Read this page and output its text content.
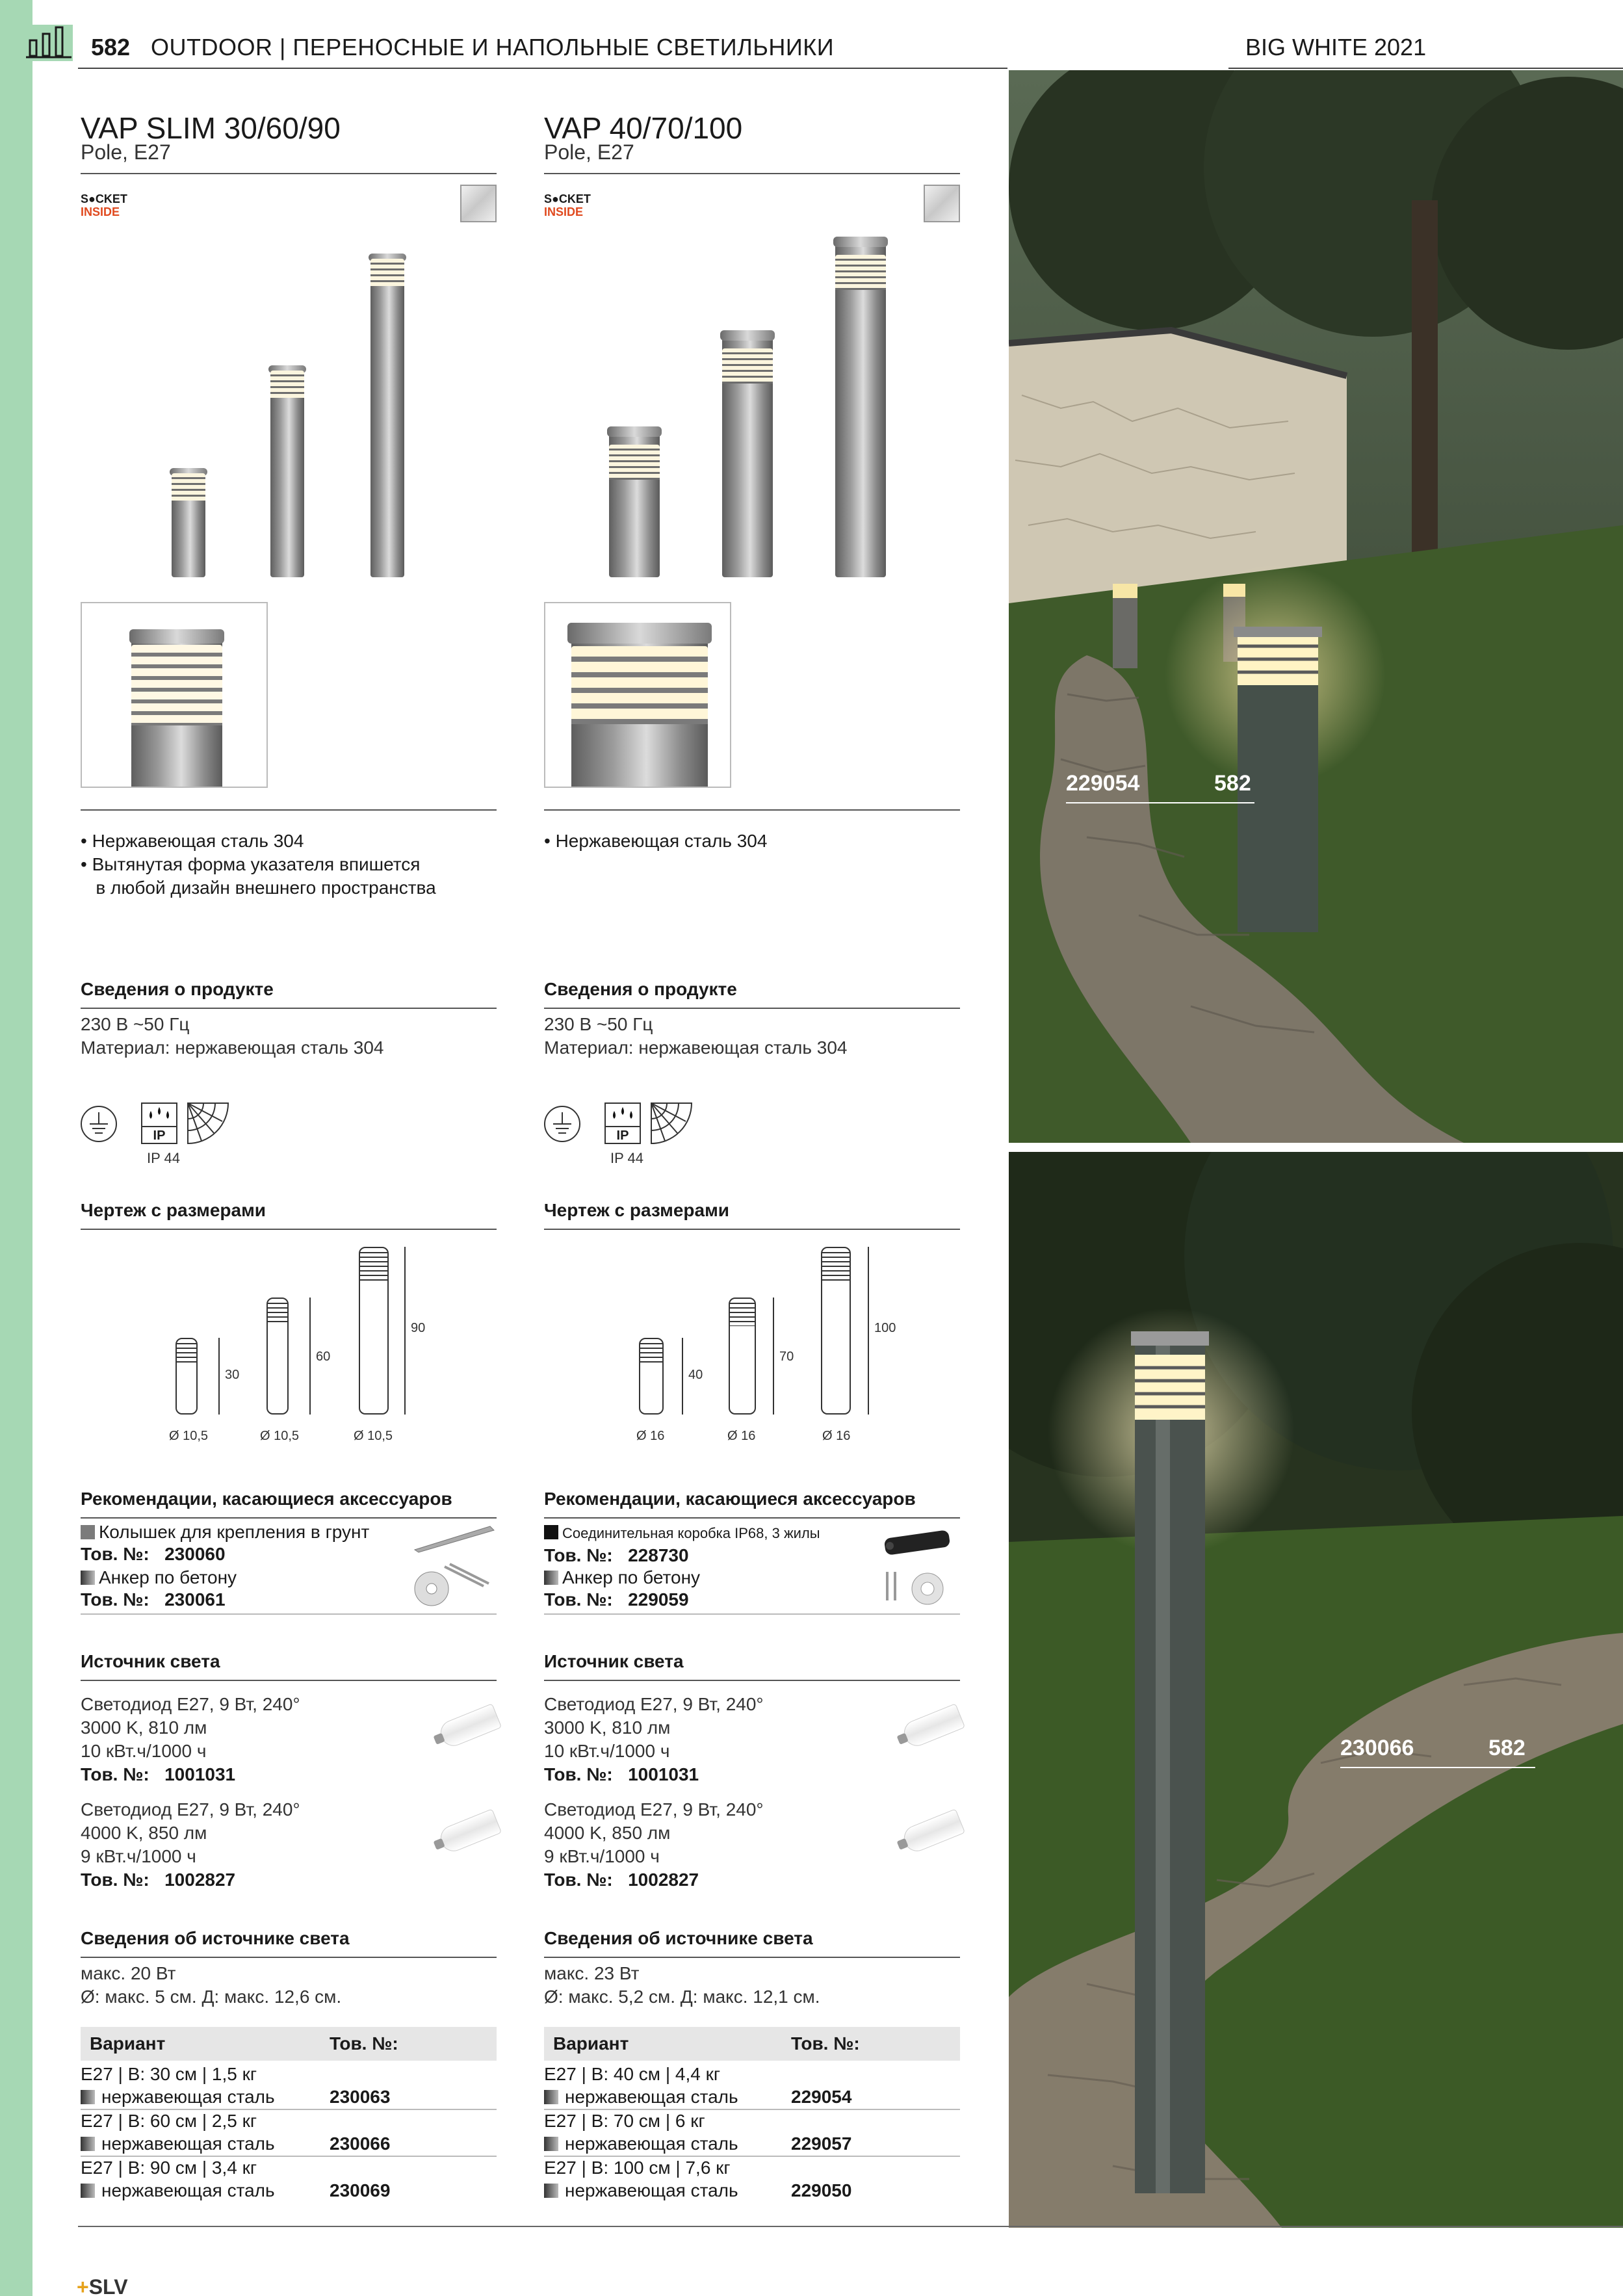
582 OUTDOOR | ПЕРЕНОСНЫЕ И НАПОЛЬНЫЕ СВЕТИЛЬНИКИ	BIG WHITE 2021
VAP SLIM 30/60/90
Pole, E27
S●CKET
INSIDE
• Нержавеющая сталь 304
• Вытянутая форма указателя впишется
в любой дизайн внешнего пространства
Сведения о продукте
230 В ~50 Гц
Материал: нержавеющая сталь 304
IP
IP 44
Чертеж с размерами
30
60
90
Ø 10,5	Ø 10,5	Ø 10,5
Рекомендации, касающиеся аксессуаров
Колышек для крепления в грунт
Тов. №: 230060
Анкер по бетону
Тов. №: 230061
Источник света
Светодиод E27, 9 Вт, 240°
3000 K, 810 лм
10 кВт.ч/1000 ч
Тов. №: 1001031
Светодиод E27, 9 Вт, 240°
4000 K, 850 лм
9 кВт.ч/1000 ч
Тов. №: 1002827
Сведения об источнике света
макс. 20 Вт
Ø: макс. 5 см. Д: макс. 12,6 см.
Вариант	Тов. №:
E27 | В: 30 см | 1,5 кг
нержавеющая сталь	230063
E27 | В: 60 см | 2,5 кг
нержавеющая сталь	230066
E27 | В: 90 см | 3,4 кг
нержавеющая сталь	230069
VAP 40/70/100
Pole, E27
S●CKET
INSIDE
• Нержавеющая сталь 304
Сведения о продукте
230 В ~50 Гц
Материал: нержавеющая сталь 304
IP
IP 44
Чертеж с размерами
40
70
100
Ø 16	Ø 16	Ø 16
Рекомендации, касающиеся аксессуаров
Соединительная коробка IP68, 3 жилы
Тов. №: 228730
Анкер по бетону
Тов. №: 229059
Источник света
Светодиод E27, 9 Вт, 240°
3000 K, 810 лм
10 кВт.ч/1000 ч
Тов. №: 1001031
Светодиод E27, 9 Вт, 240°
4000 K, 850 лм
9 кВт.ч/1000 ч
Тов. №: 1002827
Сведения об источнике света
макс. 23 Вт
Ø: макс. 5,2 см. Д: макс. 12,1 см.
Вариант	Тов. №:
E27 | В: 40 см | 4,4 кг
нержавеющая сталь	229054
E27 | В: 70 см | 6 кг
нержавеющая сталь	229057
E27 | В: 100 см | 7,6 кг
нержавеющая сталь	229050
229054	582
230066	582
+SLV
